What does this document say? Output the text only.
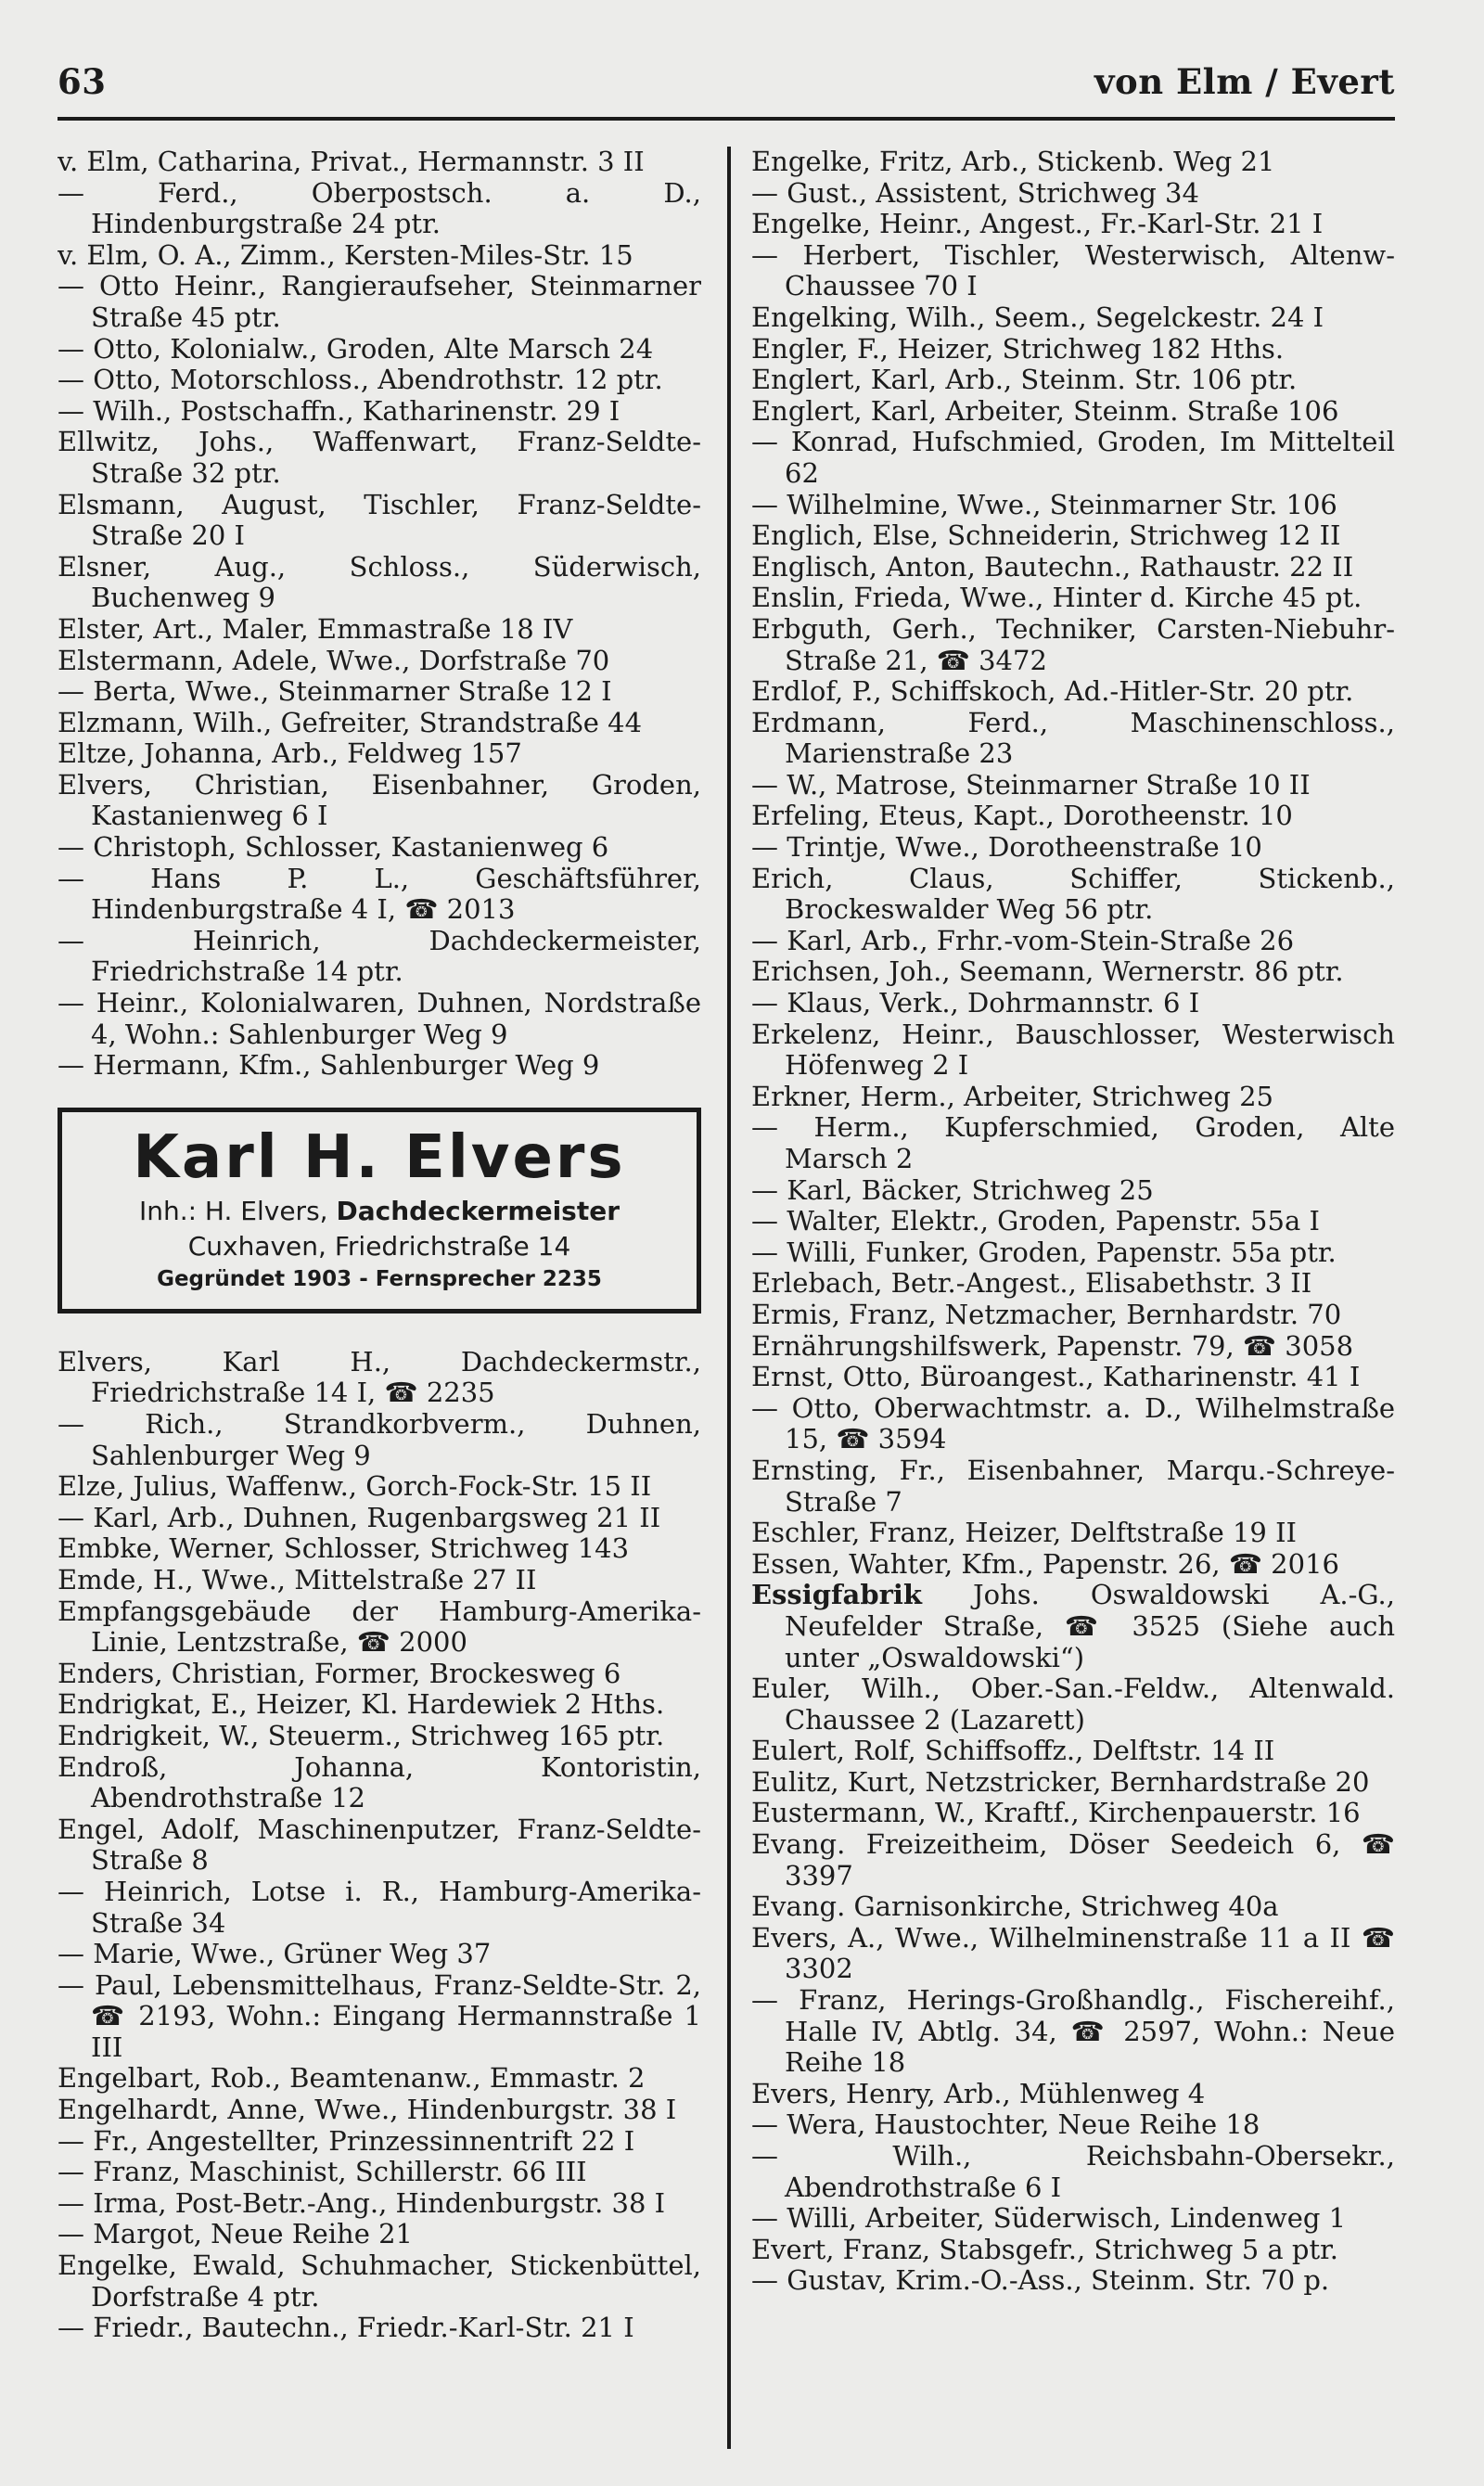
63	von Elm / Evert
v. Elm, Catharina, Privat., Hermannstr. 3 II
— Ferd., Oberpostsch. a. D., Hindenburgstraße 24 ptr.
v. Elm, O. A., Zimm., Kersten-Miles-Str. 15
— Otto Heinr., Rangieraufseher, Steinmarner Straße 45 ptr.
— Otto, Kolonialw., Groden, Alte Marsch 24
— Otto, Motorschloss., Abendrothstr. 12 ptr.
— Wilh., Postschaffn., Katharinenstr. 29 I
Ellwitz, Johs., Waffenwart, Franz-Seldte-Straße 32 ptr.
Elsmann, August, Tischler, Franz-Seldte-Straße 20 I
Elsner, Aug., Schloss., Süderwisch, Buchenweg 9
Elster, Art., Maler, Emmastraße 18 IV
Elstermann, Adele, Wwe., Dorfstraße 70
— Berta, Wwe., Steinmarner Straße 12 I
Elzmann, Wilh., Gefreiter, Strandstraße 44
Eltze, Johanna, Arb., Feldweg 157
Elvers, Christian, Eisenbahner, Groden, Kastanienweg 6 I
— Christoph, Schlosser, Kastanienweg 6
— Hans P. L., Geschäftsführer, Hindenburgstraße 4 I, ☎ 2013
— Heinrich, Dachdeckermeister, Friedrichstraße 14 ptr.
— Heinr., Kolonialwaren, Duhnen, Nordstraße 4, Wohn.: Sahlenburger Weg 9
— Hermann, Kfm., Sahlenburger Weg 9
Karl H. Elvers
Inh.: H. Elvers, Dachdeckermeister
Cuxhaven, Friedrichstraße 14
Gegründet 1903 - Fernsprecher 2235
Elvers, Karl H., Dachdeckermstr., Friedrichstraße 14 I, ☎ 2235
— Rich., Strandkorbverm., Duhnen, Sahlenburger Weg 9
Elze, Julius, Waffenw., Gorch-Fock-Str. 15 II
— Karl, Arb., Duhnen, Rugenbargsweg 21 II
Embke, Werner, Schlosser, Strichweg 143
Emde, H., Wwe., Mittelstraße 27 II
Empfangsgebäude der Hamburg-Amerika-Linie, Lentzstraße, ☎ 2000
Enders, Christian, Former, Brockesweg 6
Endrigkat, E., Heizer, Kl. Hardewiek 2 Hths.
Endrigkeit, W., Steuerm., Strichweg 165 ptr.
Endroß, Johanna, Kontoristin, Abendrothstraße 12
Engel, Adolf, Maschinenputzer, Franz-Seldte-Straße 8
— Heinrich, Lotse i. R., Hamburg-Amerika-Straße 34
— Marie, Wwe., Grüner Weg 37
— Paul, Lebensmittelhaus, Franz-Seldte-Str. 2, ☎ 2193, Wohn.: Eingang Hermannstraße 1 III
Engelbart, Rob., Beamtenanw., Emmastr. 2
Engelhardt, Anne, Wwe., Hindenburgstr. 38 I
— Fr., Angestellter, Prinzessinnentrift 22 I
— Franz, Maschinist, Schillerstr. 66 III
— Irma, Post-Betr.-Ang., Hindenburgstr. 38 I
— Margot, Neue Reihe 21
Engelke, Ewald, Schuhmacher, Stickenbüttel, Dorfstraße 4 ptr.
— Friedr., Bautechn., Friedr.-Karl-Str. 21 I
Engelke, Fritz, Arb., Stickenb. Weg 21
— Gust., Assistent, Strichweg 34
Engelke, Heinr., Angest., Fr.-Karl-Str. 21 I
— Herbert, Tischler, Westerwisch, Altenw-Chaussee 70 I
Engelking, Wilh., Seem., Segelckestr. 24 I
Engler, F., Heizer, Strichweg 182 Hths.
Englert, Karl, Arb., Steinm. Str. 106 ptr.
Englert, Karl, Arbeiter, Steinm. Straße 106
— Konrad, Hufschmied, Groden, Im Mittelteil 62
— Wilhelmine, Wwe., Steinmarner Str. 106
Englich, Else, Schneiderin, Strichweg 12 II
Englisch, Anton, Bautechn., Rathaustr. 22 II
Enslin, Frieda, Wwe., Hinter d. Kirche 45 pt.
Erbguth, Gerh., Techniker, Carsten-Niebuhr-Straße 21, ☎ 3472
Erdlof, P., Schiffskoch, Ad.-Hitler-Str. 20 ptr.
Erdmann, Ferd., Maschinenschloss., Marienstraße 23
— W., Matrose, Steinmarner Straße 10 II
Erfeling, Eteus, Kapt., Dorotheenstr. 10
— Trintje, Wwe., Dorotheenstraße 10
Erich, Claus, Schiffer, Stickenb., Brockeswalder Weg 56 ptr.
— Karl, Arb., Frhr.-vom-Stein-Straße 26
Erichsen, Joh., Seemann, Wernerstr. 86 ptr.
— Klaus, Verk., Dohrmannstr. 6 I
Erkelenz, Heinr., Bauschlosser, Westerwisch Höfenweg 2 I
Erkner, Herm., Arbeiter, Strichweg 25
— Herm., Kupferschmied, Groden, Alte Marsch 2
— Karl, Bäcker, Strichweg 25
— Walter, Elektr., Groden, Papenstr. 55a I
— Willi, Funker, Groden, Papenstr. 55a ptr.
Erlebach, Betr.-Angest., Elisabethstr. 3 II
Ermis, Franz, Netzmacher, Bernhardstr. 70
Ernährungshilfswerk, Papenstr. 79, ☎ 3058
Ernst, Otto, Büroangest., Katharinenstr. 41 I
— Otto, Oberwachtmstr. a. D., Wilhelmstraße 15, ☎ 3594
Ernsting, Fr., Eisenbahner, Marqu.-Schreye-Straße 7
Eschler, Franz, Heizer, Delftstraße 19 II
Essen, Wahter, Kfm., Papenstr. 26, ☎ 2016
Essigfabrik Johs. Oswaldowski A.-G., Neufelder Straße, ☎ 3525 (Siehe auch unter „Oswaldowski“)
Euler, Wilh., Ober.-San.-Feldw., Altenwald. Chaussee 2 (Lazarett)
Eulert, Rolf, Schiffsoffz., Delftstr. 14 II
Eulitz, Kurt, Netzstricker, Bernhardstraße 20
Eustermann, W., Kraftf., Kirchenpauerstr. 16
Evang. Freizeitheim, Döser Seedeich 6, ☎ 3397
Evang. Garnisonkirche, Strichweg 40a
Evers, A., Wwe., Wilhelminenstraße 11 a II ☎ 3302
— Franz, Herings-Großhandlg., Fischereihf., Halle IV, Abtlg. 34, ☎ 2597, Wohn.: Neue Reihe 18
Evers, Henry, Arb., Mühlenweg 4
— Wera, Haustochter, Neue Reihe 18
— Wilh., Reichsbahn-Obersekr., Abendrothstraße 6 I
— Willi, Arbeiter, Süderwisch, Lindenweg 1
Evert, Franz, Stabsgefr., Strichweg 5 a ptr.
— Gustav, Krim.-O.-Ass., Steinm. Str. 70 p.
